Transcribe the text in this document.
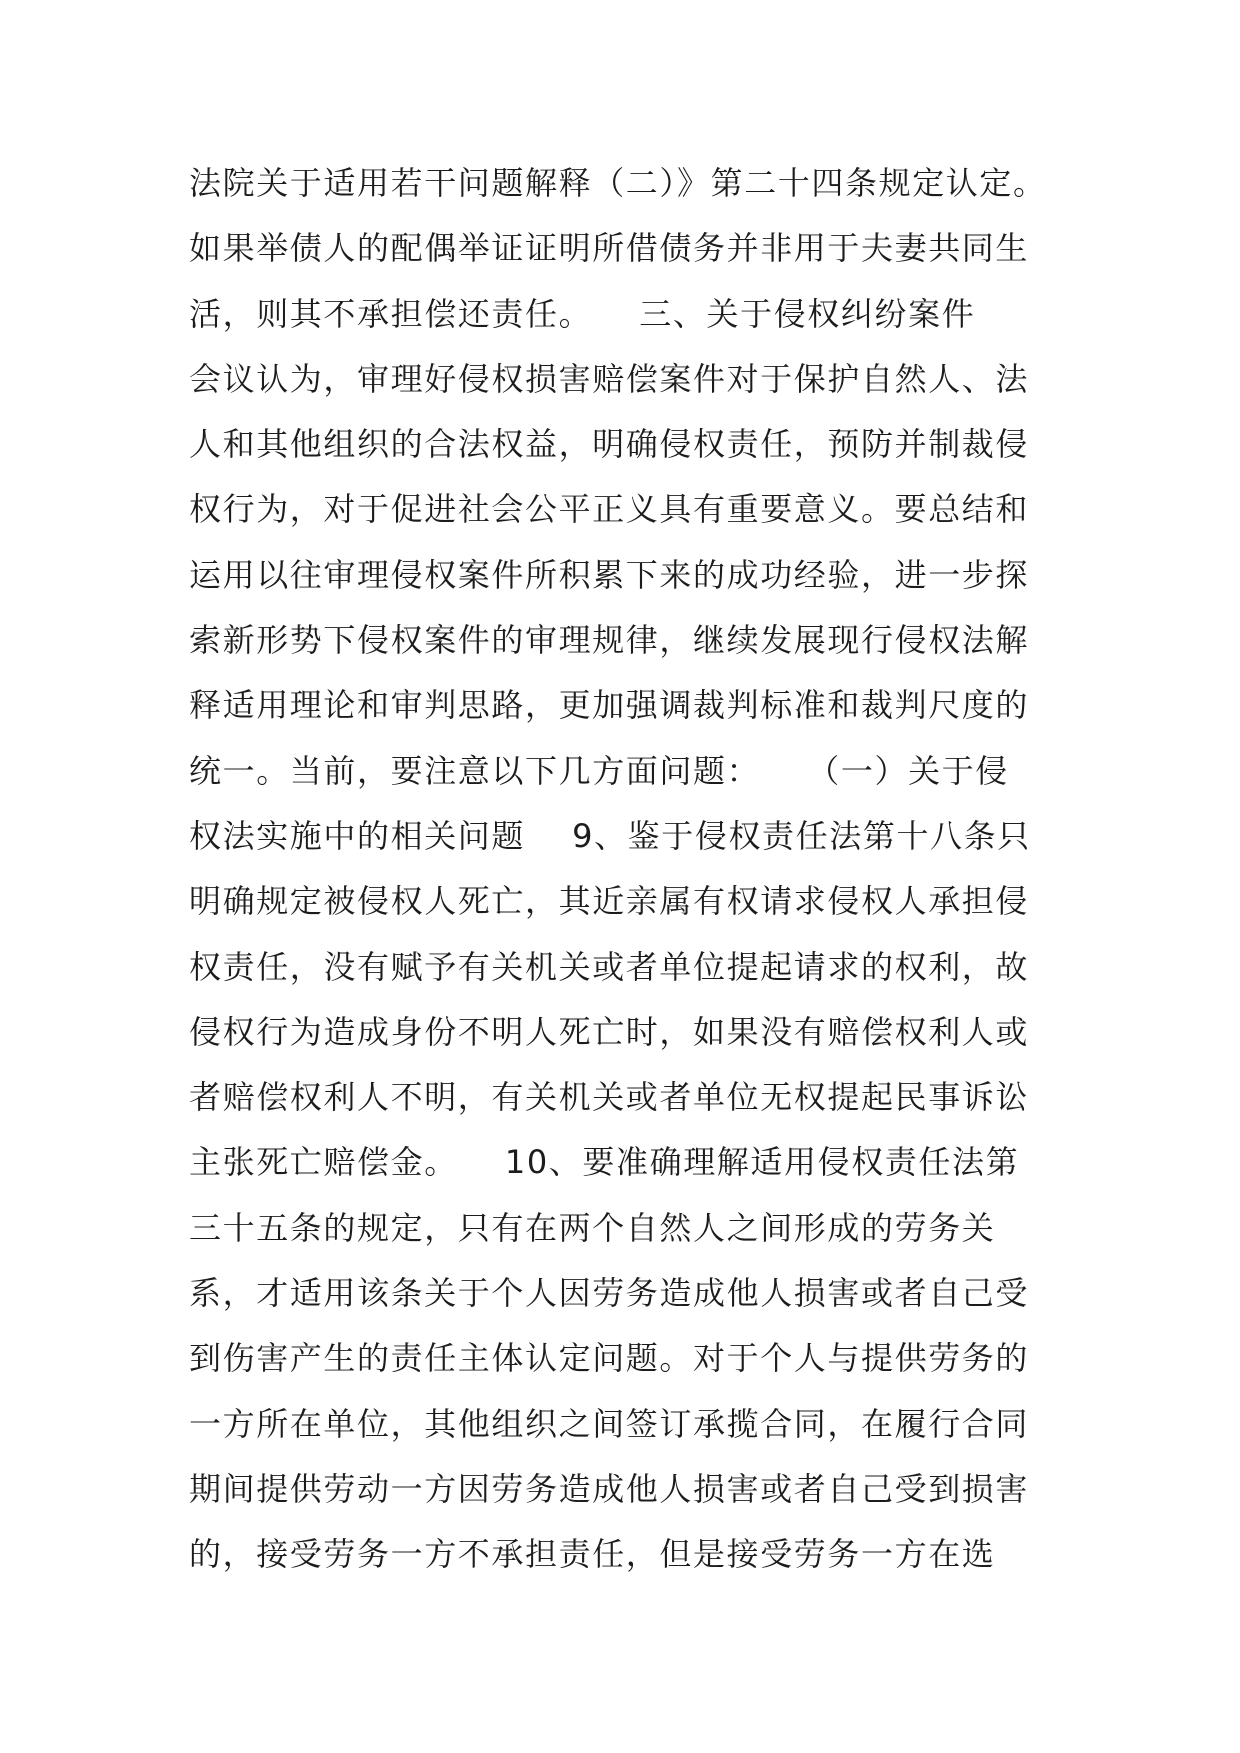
法院关于适用若干问题解释（二）》第二十四条规定认定。

如果举债人的配偶举证证明所借债务并非用于夫妻共同生

活，则其不承担偿还责任。    三、关于侵权纠纷案件

会议认为，审理好侵权损害赔偿案件对于保护自然人、法

人和其他组织的合法权益，明确侵权责任，预防并制裁侵

权行为，对于促进社会公平正义具有重要意义。要总结和

运用以往审理侵权案件所积累下来的成功经验，进一步探

索新形势下侵权案件的审理规律，继续发展现行侵权法解

释适用理论和审判思路，更加强调裁判标准和裁判尺度的

统一。当前，要注意以下几方面问题：    （一）关于侵

权法实施中的相关问题    9、鉴于侵权责任法第十八条只

明确规定被侵权人死亡，其近亲属有权请求侵权人承担侵

权责任，没有赋予有关机关或者单位提起请求的权利，故

侵权行为造成身份不明人死亡时，如果没有赔偿权利人或

者赔偿权利人不明，有关机关或者单位无权提起民事诉讼

主张死亡赔偿金。    10、要准确理解适用侵权责任法第

三十五条的规定，只有在两个自然人之间形成的劳务关

系，才适用该条关于个人因劳务造成他人损害或者自己受

到伤害产生的责任主体认定问题。对于个人与提供劳务的

一方所在单位，其他组织之间签订承揽合同，在履行合同

期间提供劳动一方因劳务造成他人损害或者自己受到损害

的，接受劳务一方不承担责任，但是接受劳务一方在选
